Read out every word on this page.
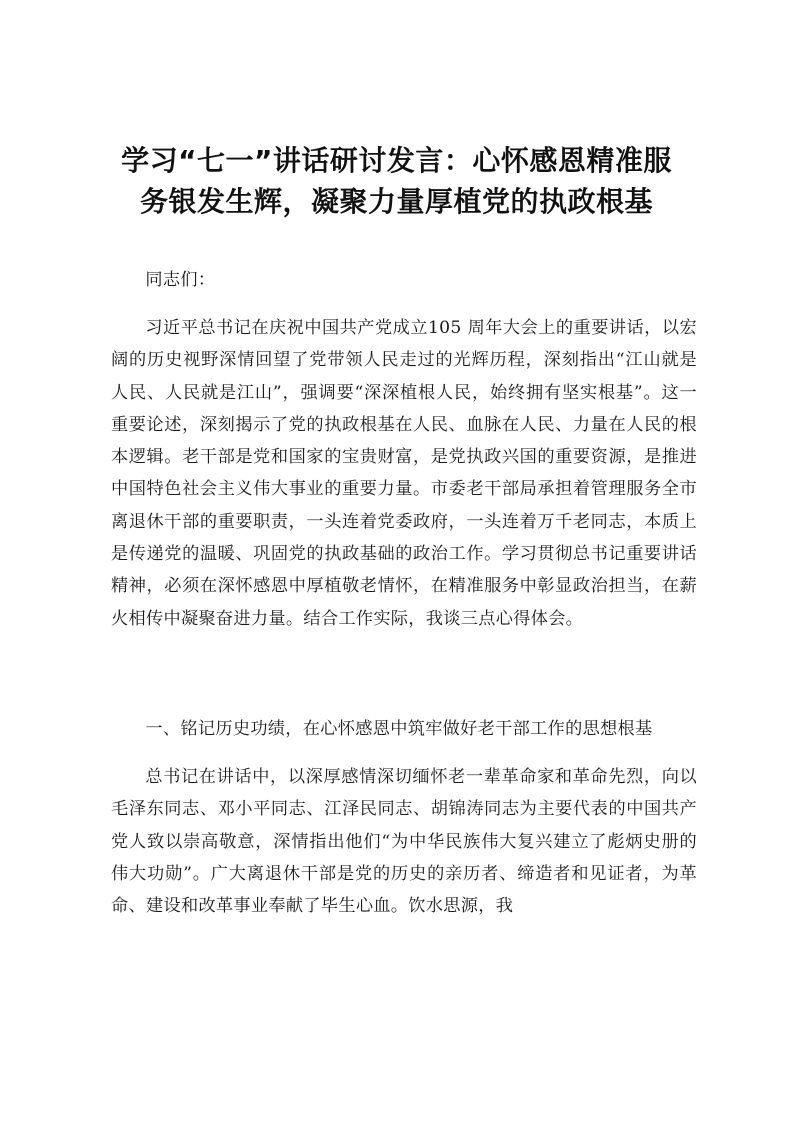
学习“七一”讲话研讨发言：心怀感恩精准服
务银发生辉，凝聚力量厚植党的执政根基

同志们：

习近平总书记在庆祝中国共产党成立105 周年大会上的重要讲话，以宏阔的历史视野深情回望了党带领人民走过的光辉历程，深刻指出“江山就是人民、人民就是江山”，强调要“深深植根人民，始终拥有坚实根基”。这一重要论述，深刻揭示了党的执政根基在人民、血脉在人民、力量在人民的根本逻辑。老干部是党和国家的宝贵财富，是党执政兴国的重要资源，是推进中国特色社会主义伟大事业的重要力量。市委老干部局承担着管理服务全市离退休干部的重要职责，一头连着党委政府，一头连着万千老同志，本质上是传递党的温暖、巩固党的执政基础的政治工作。学习贯彻总书记重要讲话精神，必须在深怀感恩中厚植敬老情怀，在精准服务中彰显政治担当，在薪火相传中凝聚奋进力量。结合工作实际，我谈三点心得体会。

一、铭记历史功绩，在心怀感恩中筑牢做好老干部工作的思想根基

总书记在讲话中，以深厚感情深切缅怀老一辈革命家和革命先烈，向以毛泽东同志、邓小平同志、江泽民同志、胡锦涛同志为主要代表的中国共产党人致以崇高敬意，深情指出他们“为中华民族伟大复兴建立了彪炳史册的伟大功勋”。广大离退休干部是党的历史的亲历者、缔造者和见证者，为革命、建设和改革事业奉献了毕生心血。饮水思源，我
